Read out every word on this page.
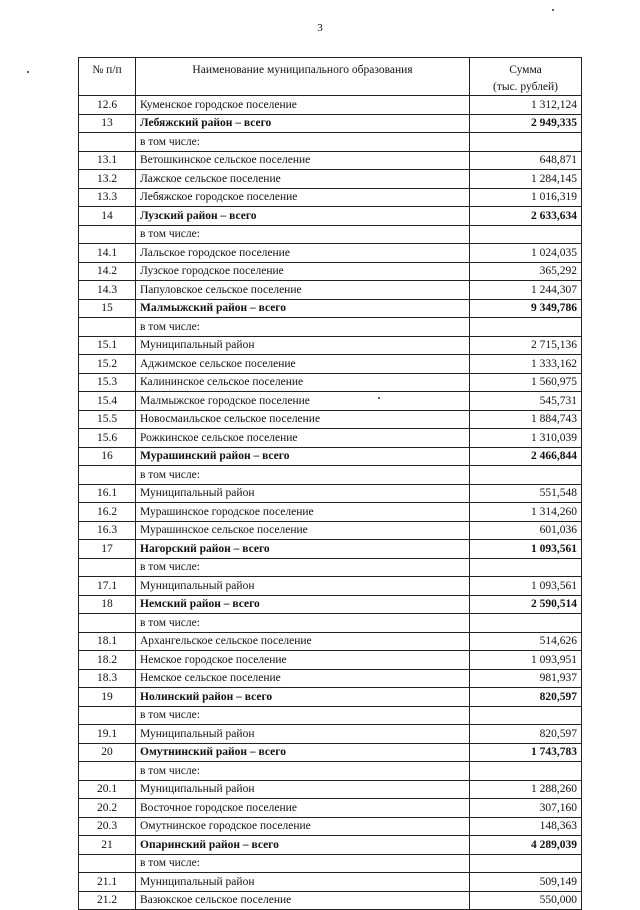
3
№ п/п	Наименование муниципального образования	Сумма
(тыс. рублей)

12.6	Куменское городское поселение	1 312,124
13	Лебяжский район – всего	2 949,335
	в том числе:	
13.1	Ветошкинское сельское поселение	648,871
13.2	Лажское сельское поселение	1 284,145
13.3	Лебяжское городское поселение	1 016,319
14	Лузский район – всего	2 633,634
	в том числе:	
14.1	Лальское городское поселение	1 024,035
14.2	Лузское городское поселение	365,292
14.3	Папуловское сельское поселение	1 244,307
15	Малмыжский район – всего	9 349,786
	в том числе:	
15.1	Муниципальный район	2 715,136
15.2	Аджимское сельское поселение	1 333,162
15.3	Калининское сельское поселение	1 560,975
15.4	Малмыжское городское поселение	545,731
15.5	Новосмаильское сельское поселение	1 884,743
15.6	Рожкинское сельское поселение	1 310,039
16	Мурашинский район – всего	2 466,844
	в том числе:	
16.1	Муниципальный район	551,548
16.2	Мурашинское городское поселение	1 314,260
16.3	Мурашинское сельское поселение	601,036
17	Нагорский район – всего	1 093,561
	в том числе:	
17.1	Муниципальный район	1 093,561
18	Немский район – всего	2 590,514
	в том числе:	
18.1	Архангельское сельское поселение	514,626
18.2	Немское городское поселение	1 093,951
18.3	Немское сельское поселение	981,937
19	Нолинский район – всего	820,597
	в том числе:	
19.1	Муниципальный район	820,597
20	Омутнинский район – всего	1 743,783
	в том числе:	
20.1	Муниципальный район	1 288,260
20.2	Восточное городское поселение	307,160
20.3	Омутнинское городское поселение	148,363
21	Опаринский район – всего	4 289,039
	в том числе:	
21.1	Муниципальный район	509,149
21.2	Вазюкское сельское поселение	550,000
